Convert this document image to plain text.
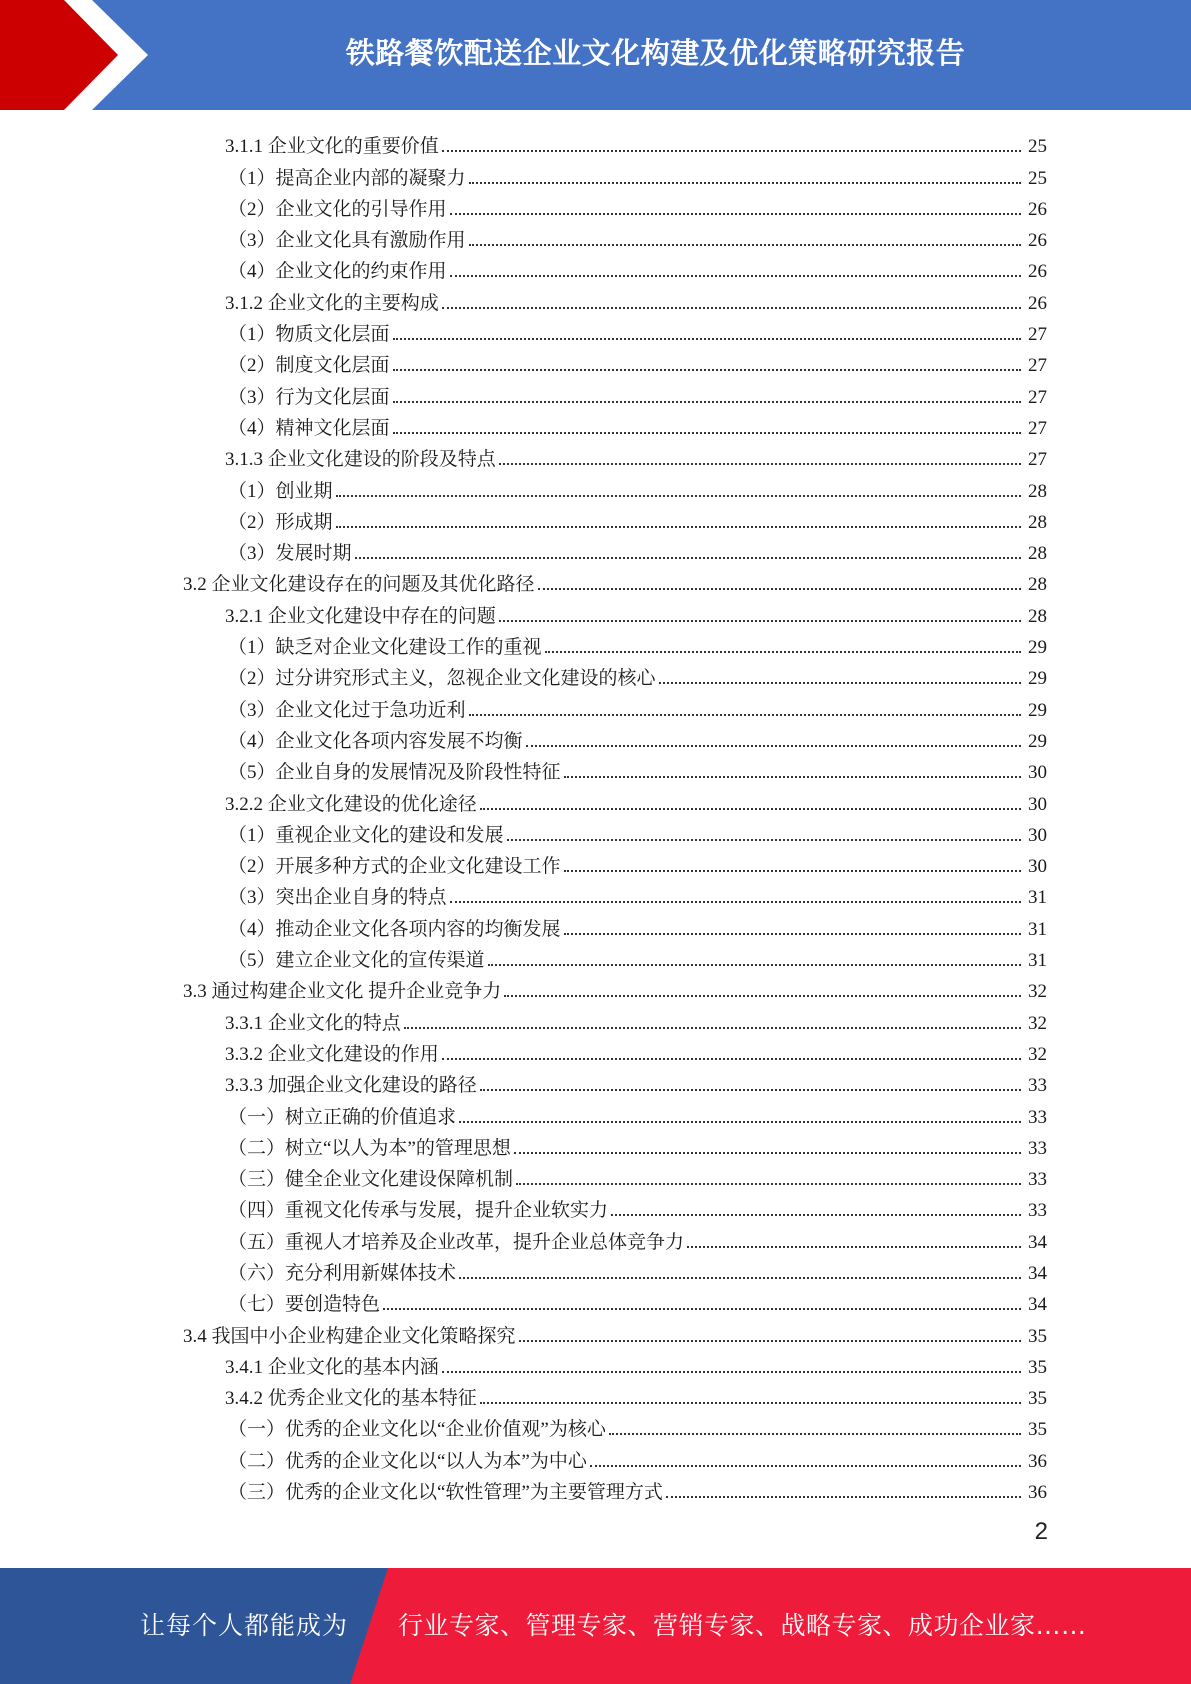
铁路餐饮配送企业文化构建及优化策略研究报告
3.1.1 企业文化的重要价值	25
（1）提高企业内部的凝聚力	25
（2）企业文化的引导作用	26
（3）企业文化具有激励作用	26
（4）企业文化的约束作用	26
3.1.2 企业文化的主要构成	26
（1）物质文化层面	27
（2）制度文化层面	27
（3）行为文化层面	27
（4）精神文化层面	27
3.1.3 企业文化建设的阶段及特点	27
（1）创业期	28
（2）形成期	28
（3）发展时期	28
3.2 企业文化建设存在的问题及其优化路径	28
3.2.1 企业文化建设中存在的问题	28
（1）缺乏对企业文化建设工作的重视	29
（2）过分讲究形式主义，忽视企业文化建设的核心	29
（3）企业文化过于急功近利	29
（4）企业文化各项内容发展不均衡	29
（5）企业自身的发展情况及阶段性特征	30
3.2.2 企业文化建设的优化途径	30
（1）重视企业文化的建设和发展	30
（2）开展多种方式的企业文化建设工作	30
（3）突出企业自身的特点	31
（4）推动企业文化各项内容的均衡发展	31
（5）建立企业文化的宣传渠道	31
3.3 通过构建企业文化 提升企业竞争力	32
3.3.1 企业文化的特点	32
3.3.2 企业文化建设的作用	32
3.3.3 加强企业文化建设的路径	33
（一）树立正确的价值追求	33
（二）树立“以人为本”的管理思想	33
（三）健全企业文化建设保障机制	33
（四）重视文化传承与发展，提升企业软实力	33
（五）重视人才培养及企业改革，提升企业总体竞争力	34
（六）充分利用新媒体技术	34
（七）要创造特色	34
3.4 我国中小企业构建企业文化策略探究	35
3.4.1 企业文化的基本内涵	35
3.4.2 优秀企业文化的基本特征	35
（一）优秀的企业文化以“企业价值观”为核心	35
（二）优秀的企业文化以“以人为本”为中心	36
（三）优秀的企业文化以“软性管理”为主要管理方式	36
2
让每个人都能成为 行业专家、管理专家、营销专家、战略专家、成功企业家……
